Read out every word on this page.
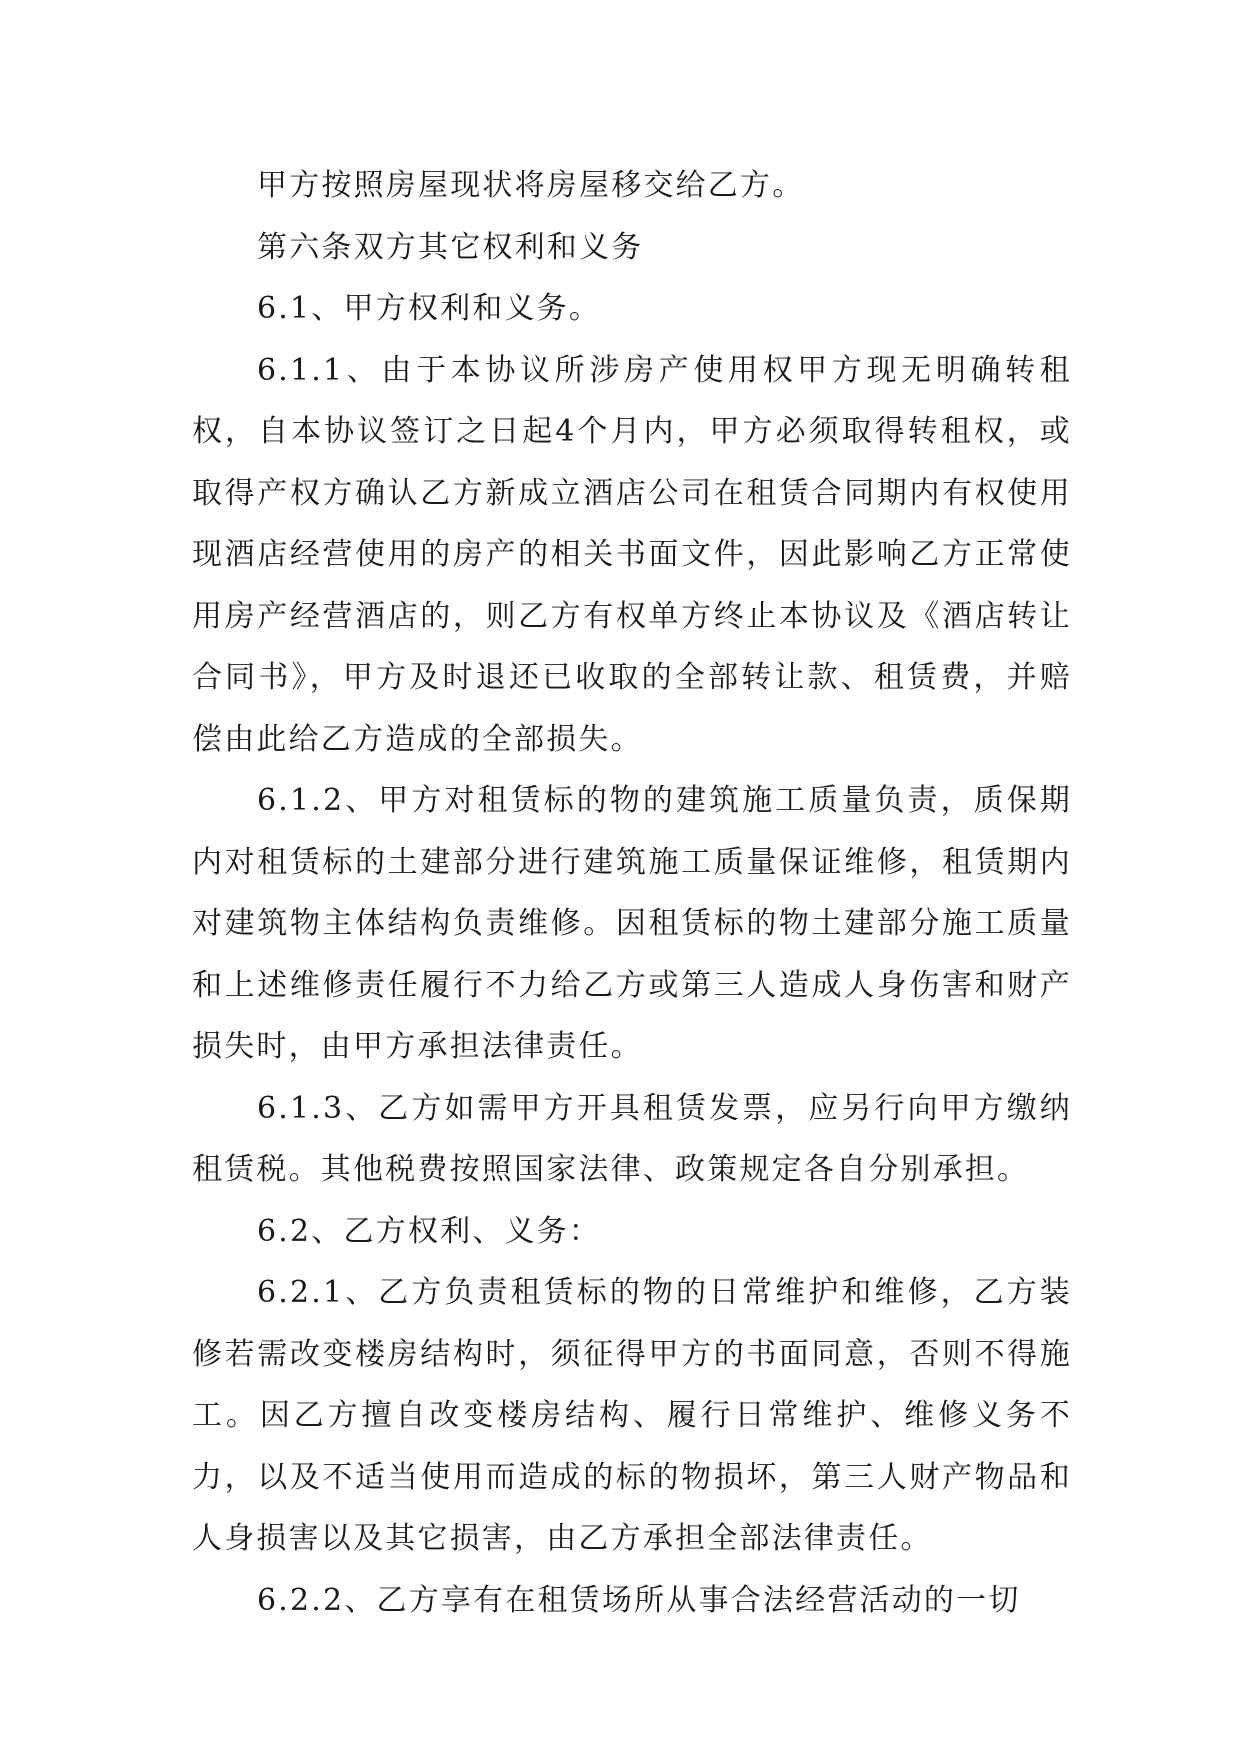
甲方按照房屋现状将房屋移交给乙方。

第六条双方其它权利和义务

6.1、甲方权利和义务。

6.1.1、由于本协议所涉房产使用权甲方现无明确转租权，自本协议签订之日起4个月内，甲方必须取得转租权，或取得产权方确认乙方新成立酒店公司在租赁合同期内有权使用现酒店经营使用的房产的相关书面文件，因此影响乙方正常使用房产经营酒店的，则乙方有权单方终止本协议及《酒店转让合同书》，甲方及时退还已收取的全部转让款、租赁费，并赔偿由此给乙方造成的全部损失。

6.1.2、甲方对租赁标的物的建筑施工质量负责，质保期内对租赁标的土建部分进行建筑施工质量保证维修，租赁期内对建筑物主体结构负责维修。因租赁标的物土建部分施工质量和上述维修责任履行不力给乙方或第三人造成人身伤害和财产损失时，由甲方承担法律责任。

6.1.3、乙方如需甲方开具租赁发票，应另行向甲方缴纳租赁税。其他税费按照国家法律、政策规定各自分别承担。

6.2、乙方权利、义务：

6.2.1、乙方负责租赁标的物的日常维护和维修，乙方装修若需改变楼房结构时，须征得甲方的书面同意，否则不得施工。因乙方擅自改变楼房结构、履行日常维护、维修义务不力，以及不适当使用而造成的标的物损坏，第三人财产物品和人身损害以及其它损害，由乙方承担全部法律责任。

6.2.2、乙方享有在租赁场所从事合法经营活动的一切
